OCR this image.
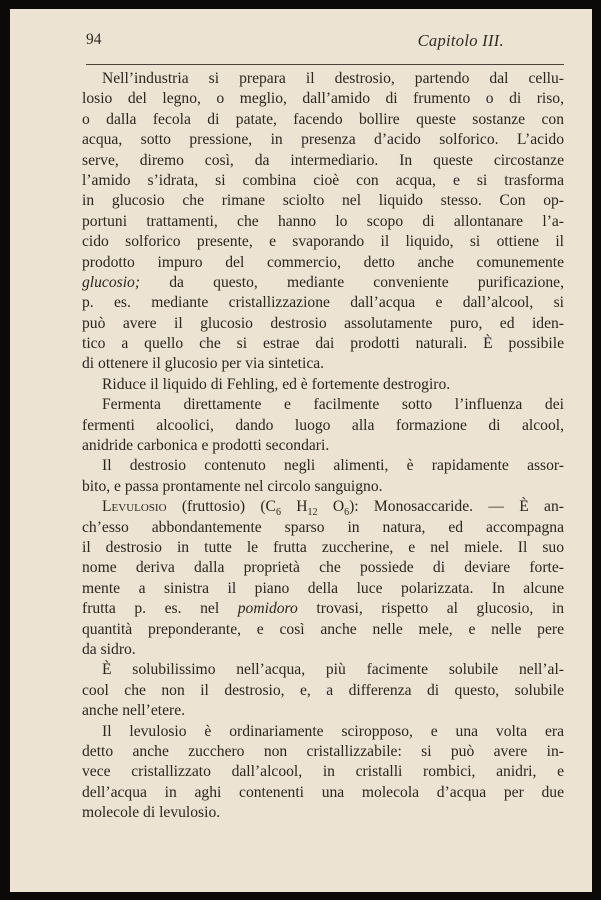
94	Capitolo III.
Nell’industria si prepara il destrosio, partendo dal cellu-
losio del legno, o meglio, dall’amido di frumento o di riso,
o dalla fecola di patate, facendo bollire queste sostanze con
acqua, sotto pressione, in presenza d’acido solforico. L’acido
serve, diremo così, da intermediario. In queste circostanze
l’amido s’idrata, si combina cioè con acqua, e si trasforma
in glucosio che rimane sciolto nel liquido stesso. Con op-
portuni trattamenti, che hanno lo scopo di allontanare l’a-
cido solforico presente, e svaporando il liquido, si ottiene il
prodotto impuro del commercio, detto anche comunemente
glucosio; da questo, mediante conveniente purificazione,
p. es. mediante cristallizzazione dall’acqua e dall’alcool, si
può avere il glucosio destrosio assolutamente puro, ed iden-
tico a quello che si estrae dai prodotti naturali. È possibile
di ottenere il glucosio per via sintetica.
Riduce il liquido di Fehling, ed è fortemente destrogiro.
Fermenta direttamente e facilmente sotto l’influenza dei
fermenti alcoolici, dando luogo alla formazione di alcool,
anidride carbonica e prodotti secondari.
Il destrosio contenuto negli alimenti, è rapidamente assor-
bito, e passa prontamente nel circolo sanguigno.
Levulosio (fruttosio) ($C_6$ $H_{12}$ $O_6$): Monosaccaride. — È an-
ch’esso abbondantemente sparso in natura, ed accompagna
il destrosio in tutte le frutta zuccherine, e nel miele. Il suo
nome deriva dalla proprietà che possiede di deviare forte-
mente a sinistra il piano della luce polarizzata. In alcune
frutta p. es. nel pomidoro trovasi, rispetto al glucosio, in
quantità preponderante, e così anche nelle mele, e nelle pere
da sidro.
È solubilissimo nell’acqua, più facimente solubile nell’al-
cool che non il destrosio, e, a differenza di questo, solubile
anche nell’etere.
Il levulosio è ordinariamente sciropposo, e una volta era
detto anche zucchero non cristallizzabile: si può avere in-
vece cristallizzato dall’alcool, in cristalli rombici, anidri, e
dell’acqua in aghi contenenti una molecola d’acqua per due
molecole di levulosio.
